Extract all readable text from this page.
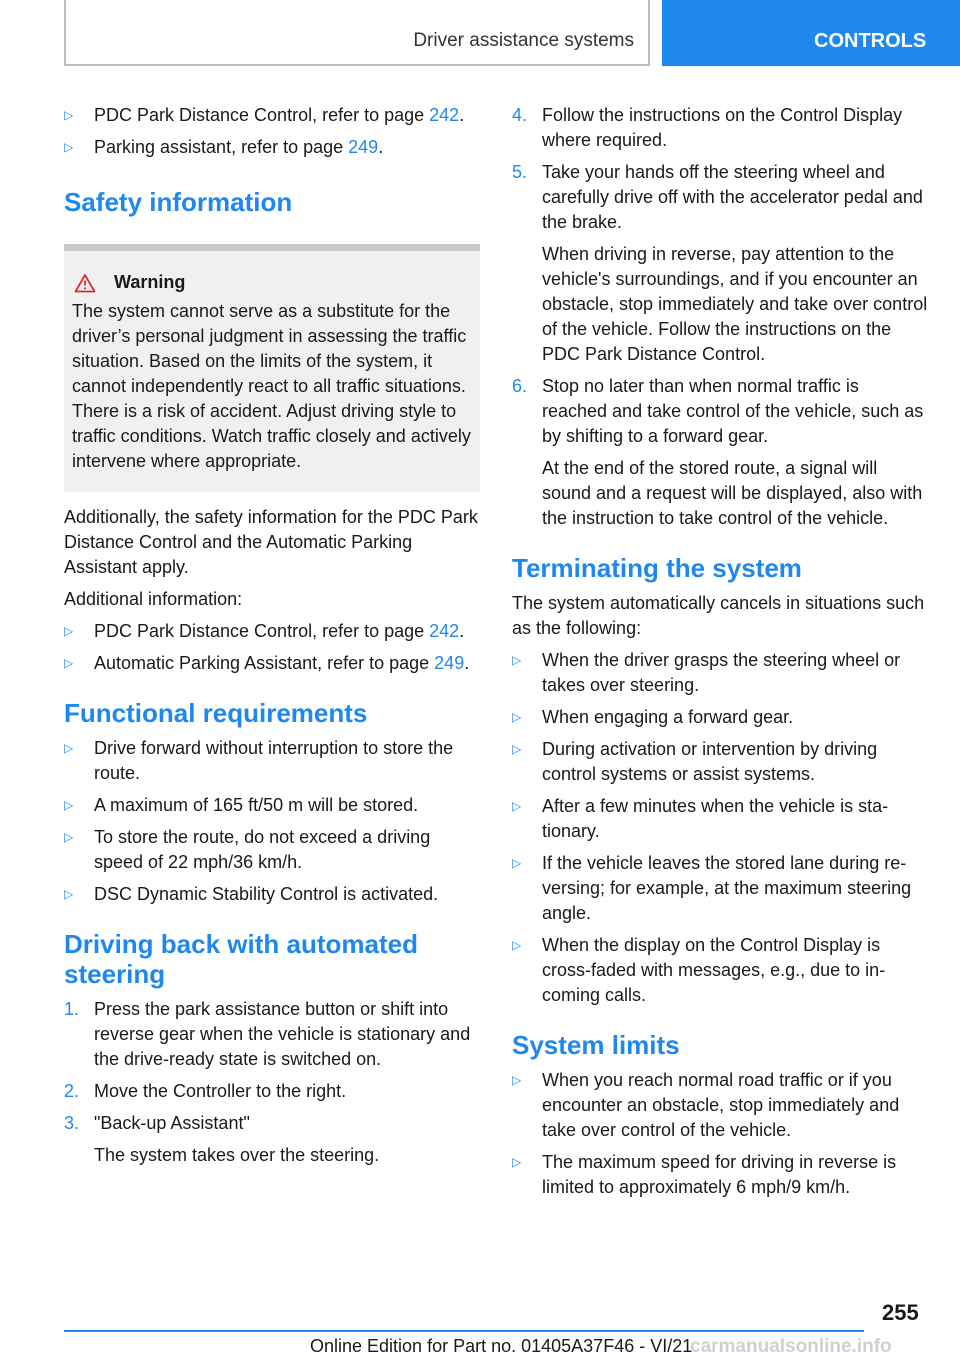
Driver assistance systems	CONTROLS
▷	PDC Park Distance Control, refer to page 242.
▷	Parking assistant, refer to page 249.
Safety information
Warning
The system cannot serve as a substitute for the driver’s personal judgment in assessing the traffic situation. Based on the limits of the system, it cannot independently react to all traffic situations. There is a risk of accident. Adjust driving style to traffic conditions. Watch traffic closely and actively intervene where appropriate.

Additionally, the safety information for the PDC Park Distance Control and the Automatic Parking Assistant apply.

Additional information:

▷	PDC Park Distance Control, refer to page 242.
▷	Automatic Parking Assistant, refer to page 249.
Functional requirements
▷	Drive forward without interruption to store the route.
▷	A maximum of 165 ft/50 m will be stored.
▷	To store the route, do not exceed a driving speed of 22 mph/36 km/h.
▷	DSC Dynamic Stability Control is activated.
Driving back with automated steering
1. Press the park assistance button or shift into reverse gear when the vehicle is stationary and the drive-ready state is switched on.
2. Move the Controller to the right.
3. "Back-up Assistant"
The system takes over the steering.
4. Follow the instructions on the Control Display where required.
5. Take your hands off the steering wheel and carefully drive off with the accelerator pedal and the brake.
When driving in reverse, pay attention to the vehicle's surroundings, and if you encounter an obstacle, stop immediately and take over control of the vehicle. Follow the instructions on the PDC Park Distance Control.
6. Stop no later than when normal traffic is reached and take control of the vehicle, such as by shifting to a forward gear.
At the end of the stored route, a signal will sound and a request will be displayed, also with the instruction to take control of the vehicle.
Terminating the system

The system automatically cancels in situations such as the following:

▷	When the driver grasps the steering wheel or takes over steering.
▷	When engaging a forward gear.
▷	During activation or intervention by driving control systems or assist systems.
▷	After a few minutes when the vehicle is stationary.
▷	If the vehicle leaves the stored lane during reversing; for example, at the maximum steering angle.
▷	When the display on the Control Display is cross-faded with messages, e.g., due to incoming calls.
System limits
▷	When you reach normal road traffic or if you encounter an obstacle, stop immediately and take over control of the vehicle.
▷	The maximum speed for driving in reverse is limited to approximately 6 mph/9 km/h.
255
Online Edition for Part no. 01405A37F46 - VI/21
carmanualsonline.info
